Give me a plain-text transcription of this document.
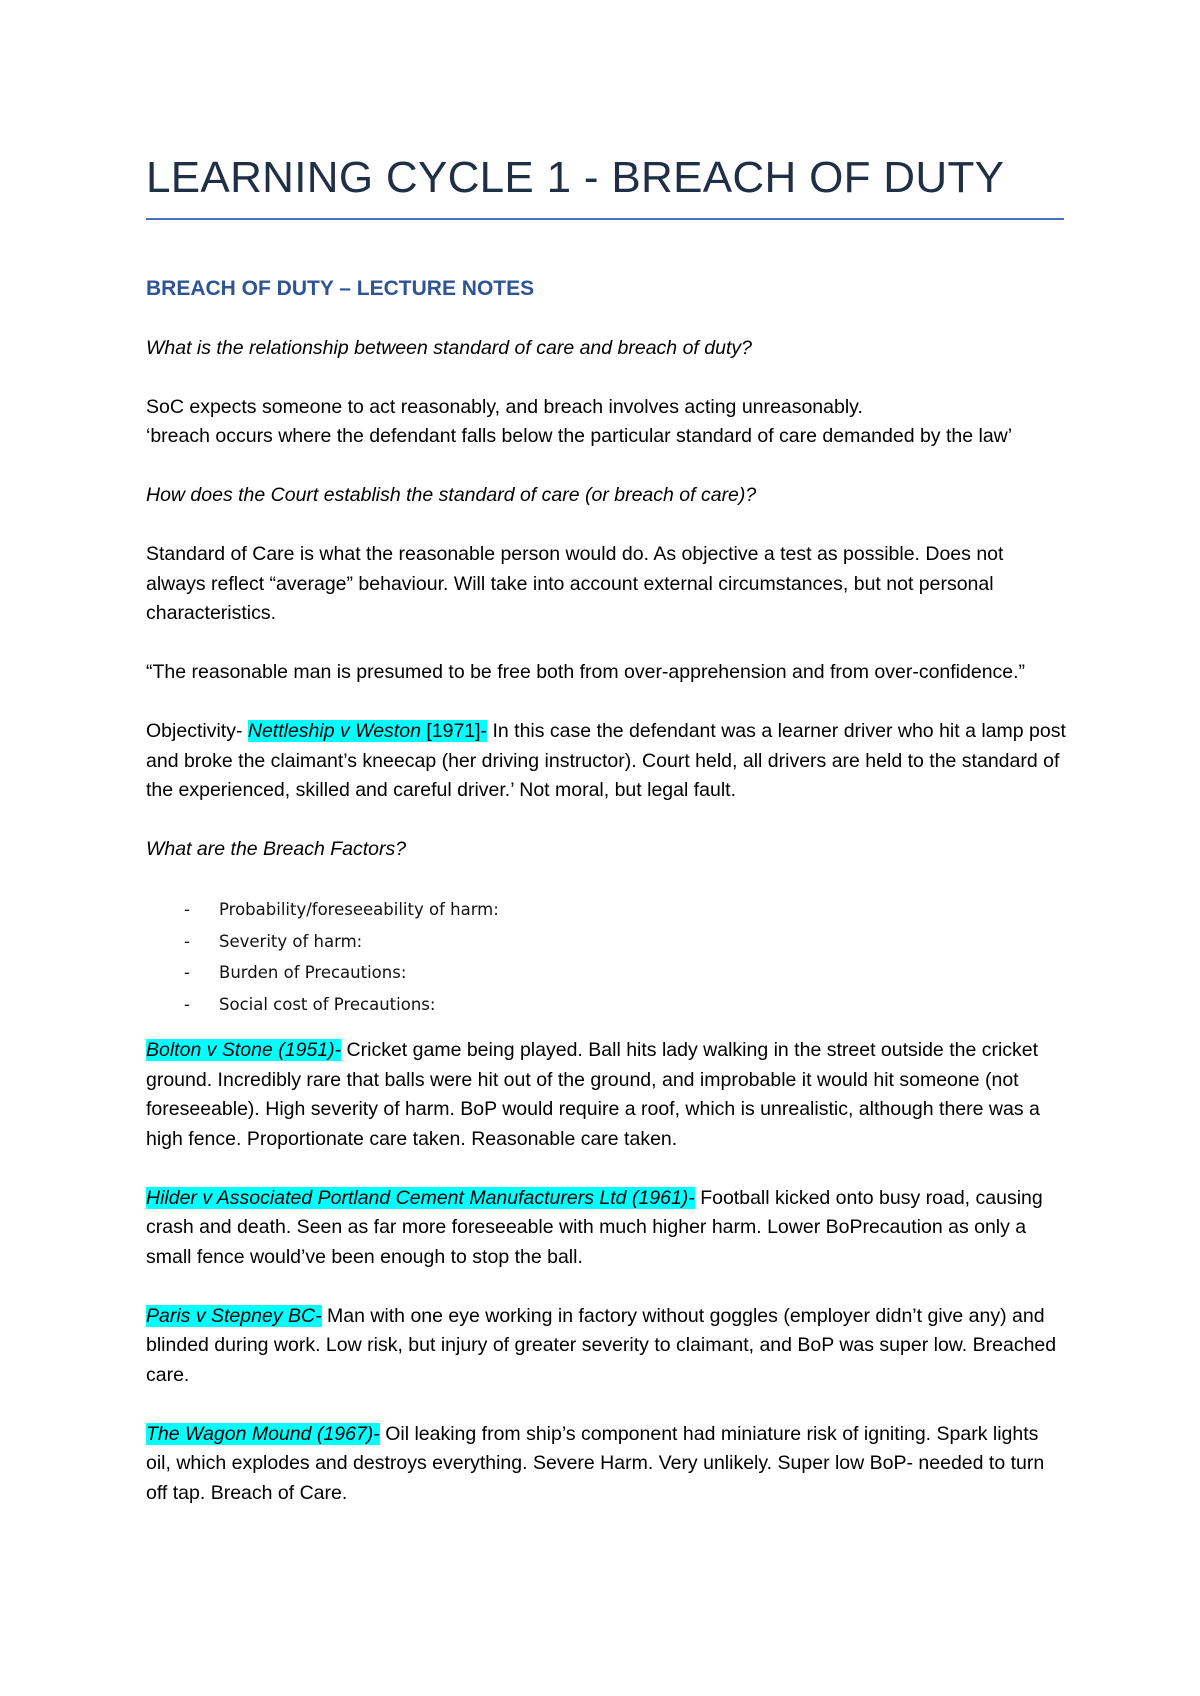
LEARNING CYCLE 1 - BREACH OF DUTY
BREACH OF DUTY – LECTURE NOTES

What is the relationship between standard of care and breach of duty?

SoC expects someone to act reasonably, and breach involves acting unreasonably.

‘breach occurs where the defendant falls below the particular standard of care demanded by the law’

How does the Court establish the standard of care (or breach of care)?

Standard of Care is what the reasonable person would do. As objective a test as possible. Does not always reflect “average” behaviour. Will take into account external circumstances, but not personal characteristics.

“The reasonable man is presumed to be free both from over-apprehension and from over-confidence.”

Objectivity- Nettleship v Weston [1971]- In this case the defendant was a learner driver who hit a lamp post and broke the claimant’s kneecap (her driving instructor). Court held, all drivers are held to the standard of the experienced, skilled and careful driver.’ Not moral, but legal fault.

What are the Breach Factors?

- Probability/foreseeability of harm:
- Severity of harm:
- Burden of Precautions:
- Social cost of Precautions:

Bolton v Stone (1951)- Cricket game being played. Ball hits lady walking in the street outside the cricket ground. Incredibly rare that balls were hit out of the ground, and improbable it would hit someone (not foreseeable). High severity of harm. BoP would require a roof, which is unrealistic, although there was a high fence. Proportionate care taken. Reasonable care taken.

Hilder v Associated Portland Cement Manufacturers Ltd (1961)- Football kicked onto busy road, causing crash and death. Seen as far more foreseeable with much higher harm. Lower BoPrecaution as only a small fence would’ve been enough to stop the ball.

Paris v Stepney BC- Man with one eye working in factory without goggles (employer didn’t give any) and blinded during work. Low risk, but injury of greater severity to claimant, and BoP was super low. Breached care.

The Wagon Mound (1967)- Oil leaking from ship’s component had miniature risk of igniting. Spark lights oil, which explodes and destroys everything. Severe Harm. Very unlikely. Super low BoP- needed to turn off tap. Breach of Care.
